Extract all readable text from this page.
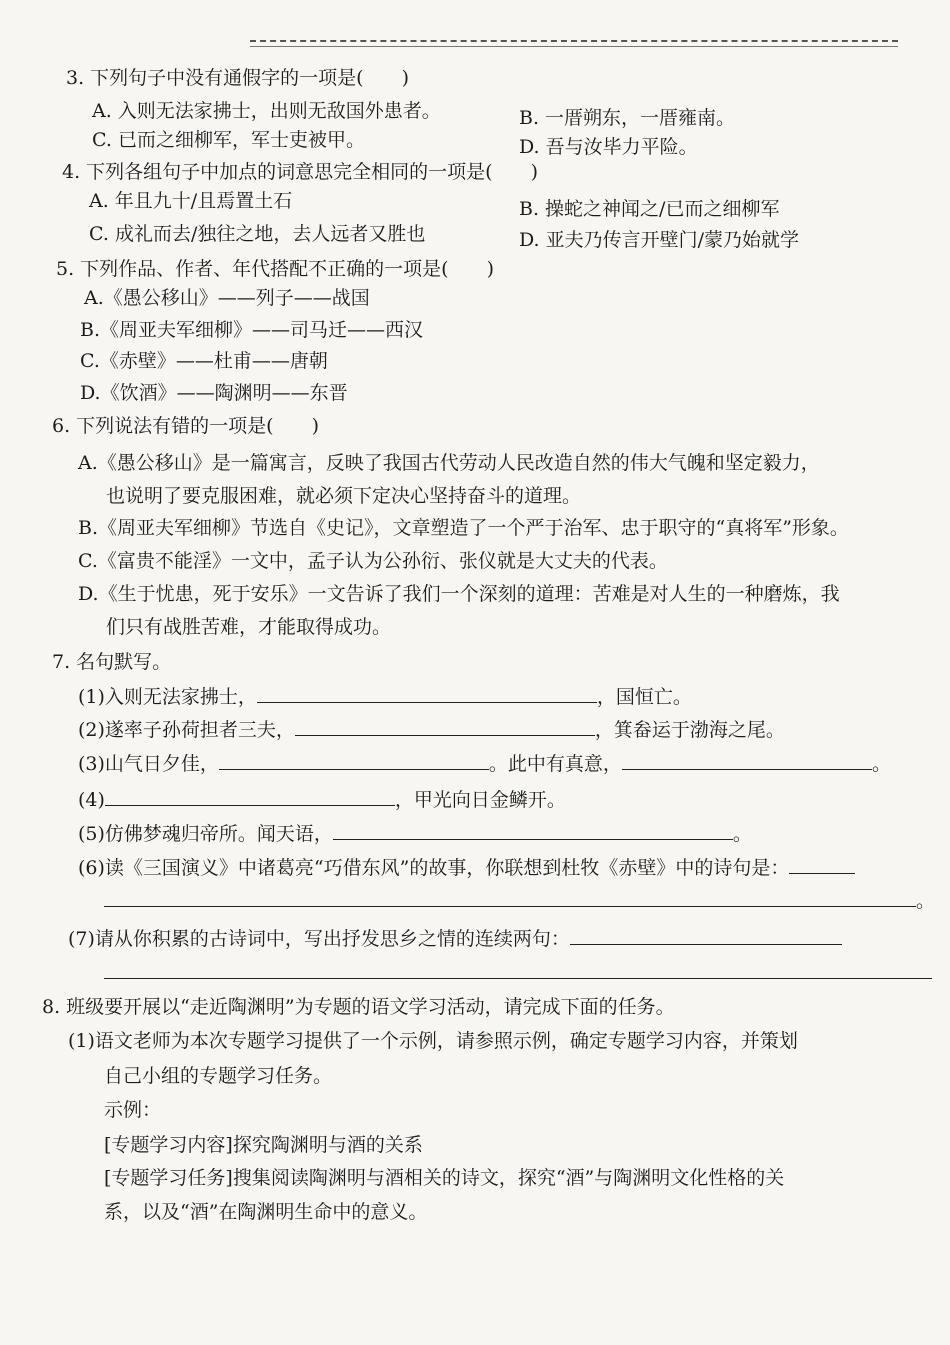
3. 下列句子中没有通假字的一项是(　　)
A. 入则无法家拂士，出则无敌国外患者。	B. 一厝朔东，一厝雍南。
C. 已而之细柳军，军士吏被甲。	D. 吾与汝毕力平险。
4. 下列各组句子中加点的词意思完全相同的一项是(　　)
A. 年且九十/且焉置土石	B. 操蛇之神闻之/已而之细柳军
C. 成礼而去/独往之地，去人远者又胜也	D. 亚夫乃传言开壁门/蒙乃始就学
5. 下列作品、作者、年代搭配不正确的一项是(　　)
A.《愚公移山》——列子——战国
B.《周亚夫军细柳》——司马迁——西汉
C.《赤壁》——杜甫——唐朝
D.《饮酒》——陶渊明——东晋
6. 下列说法有错的一项是(　　)
A.《愚公移山》是一篇寓言，反映了我国古代劳动人民改造自然的伟大气魄和坚定毅力，
也说明了要克服困难，就必须下定决心坚持奋斗的道理。
B.《周亚夫军细柳》节选自《史记》，文章塑造了一个严于治军、忠于职守的“真将军”形象。
C.《富贵不能淫》一文中，孟子认为公孙衍、张仪就是大丈夫的代表。
D.《生于忧患，死于安乐》一文告诉了我们一个深刻的道理：苦难是对人生的一种磨炼，我
们只有战胜苦难，才能取得成功。
7. 名句默写。
(1)入则无法家拂士，	，国恒亡。
(2)遂率子孙荷担者三夫，	，箕畚运于渤海之尾。
(3)山气日夕佳，	。此中有真意，	。
(4)	，甲光向日金鳞开。
(5)仿佛梦魂归帝所。闻天语，	。
(6)读《三国演义》中诸葛亮“巧借东风”的故事，你联想到杜牧《赤壁》中的诗句是：
。
(7)请从你积累的古诗词中，写出抒发思乡之情的连续两句：
8. 班级要开展以“走近陶渊明”为专题的语文学习活动，请完成下面的任务。
(1)语文老师为本次专题学习提供了一个示例，请参照示例，确定专题学习内容，并策划
自己小组的专题学习任务。
示例：
[专题学习内容]探究陶渊明与酒的关系
[专题学习任务]搜集阅读陶渊明与酒相关的诗文，探究“酒”与陶渊明文化性格的关
系，以及“酒”在陶渊明生命中的意义。
